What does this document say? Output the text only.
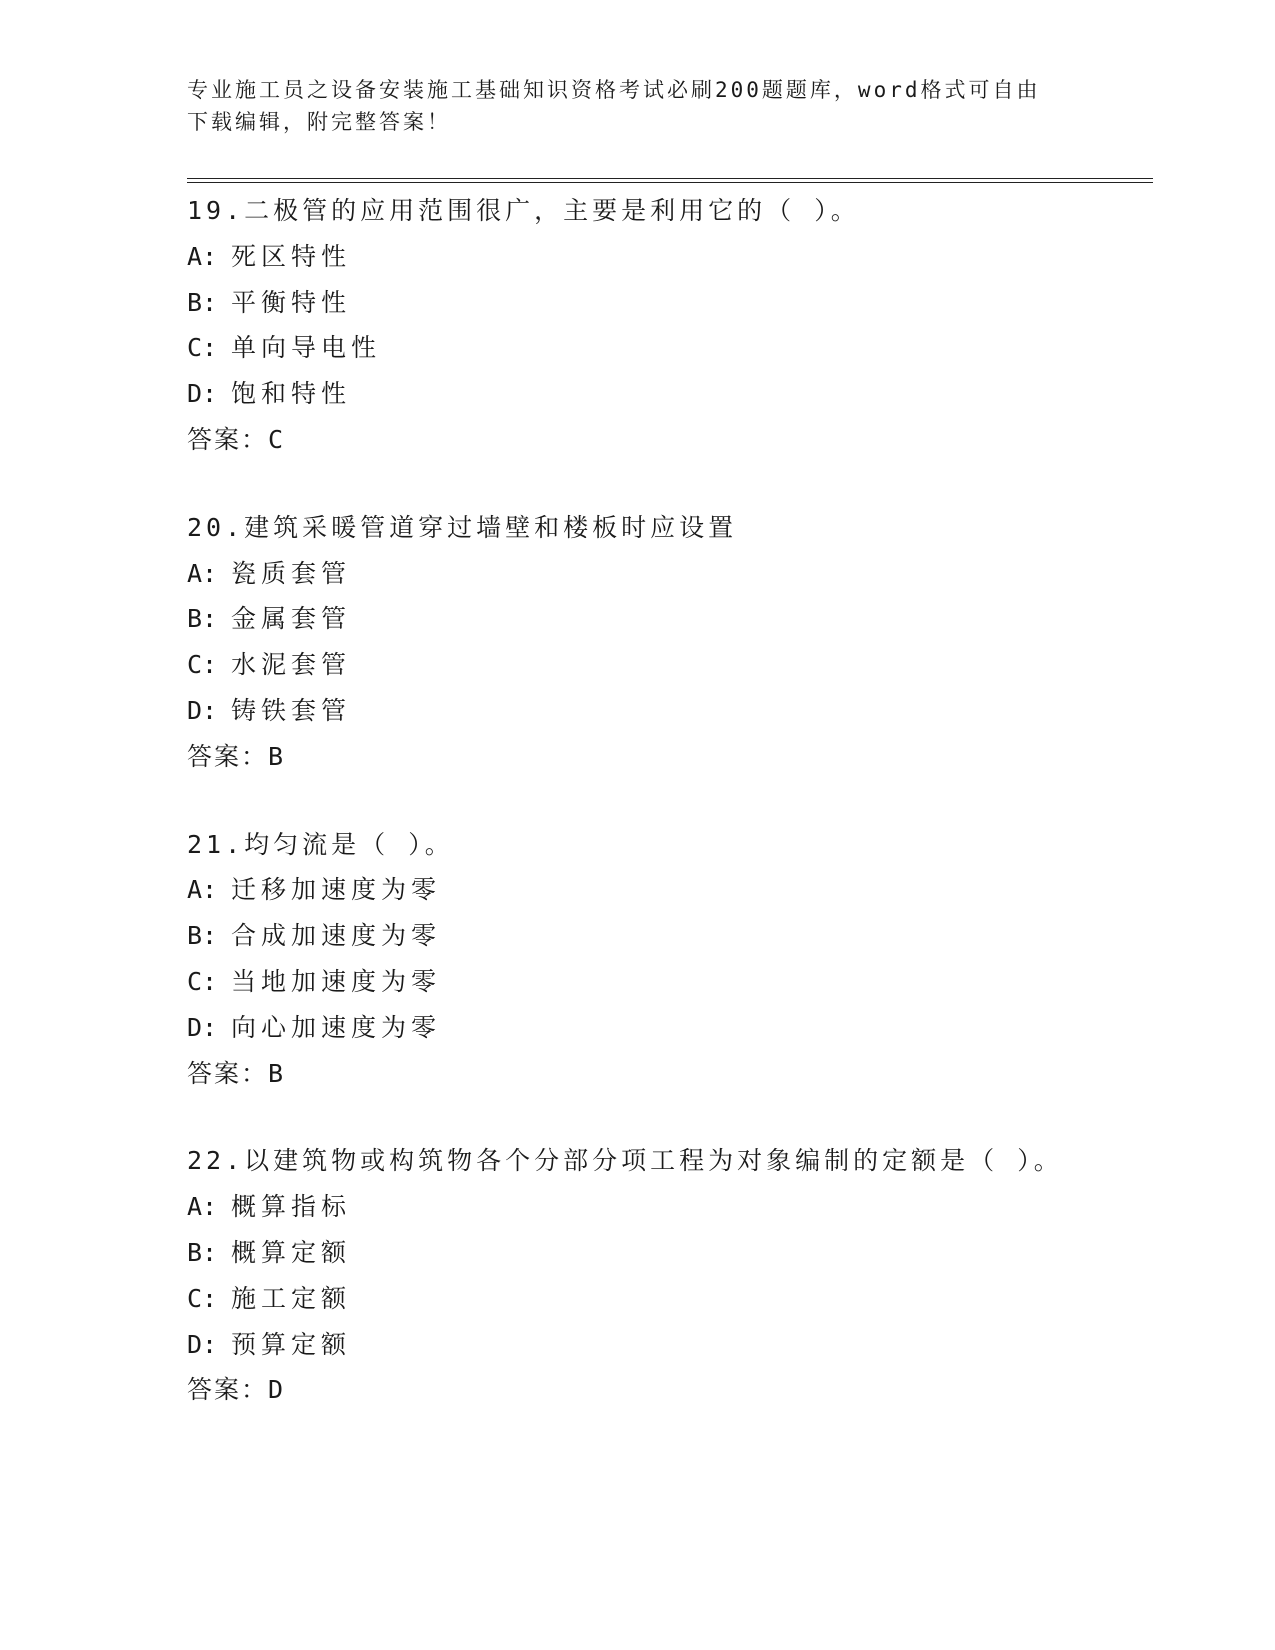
专业施工员之设备安装施工基础知识资格考试必刷200题题库，word格式可自由
下载编辑，附完整答案！
19.二极管的应用范围很广，主要是利用它的（ ）。
A: 死区特性
B: 平衡特性
C: 单向导电性
D: 饱和特性
答案：C
20.建筑采暖管道穿过墙壁和楼板时应设置
A: 瓷质套管
B: 金属套管
C: 水泥套管
D: 铸铁套管
答案：B
21.均匀流是（ ）。
A: 迁移加速度为零
B: 合成加速度为零
C: 当地加速度为零
D: 向心加速度为零
答案：B
22.以建筑物或构筑物各个分部分项工程为对象编制的定额是（ ）。
A: 概算指标
B: 概算定额
C: 施工定额
D: 预算定额
答案：D
